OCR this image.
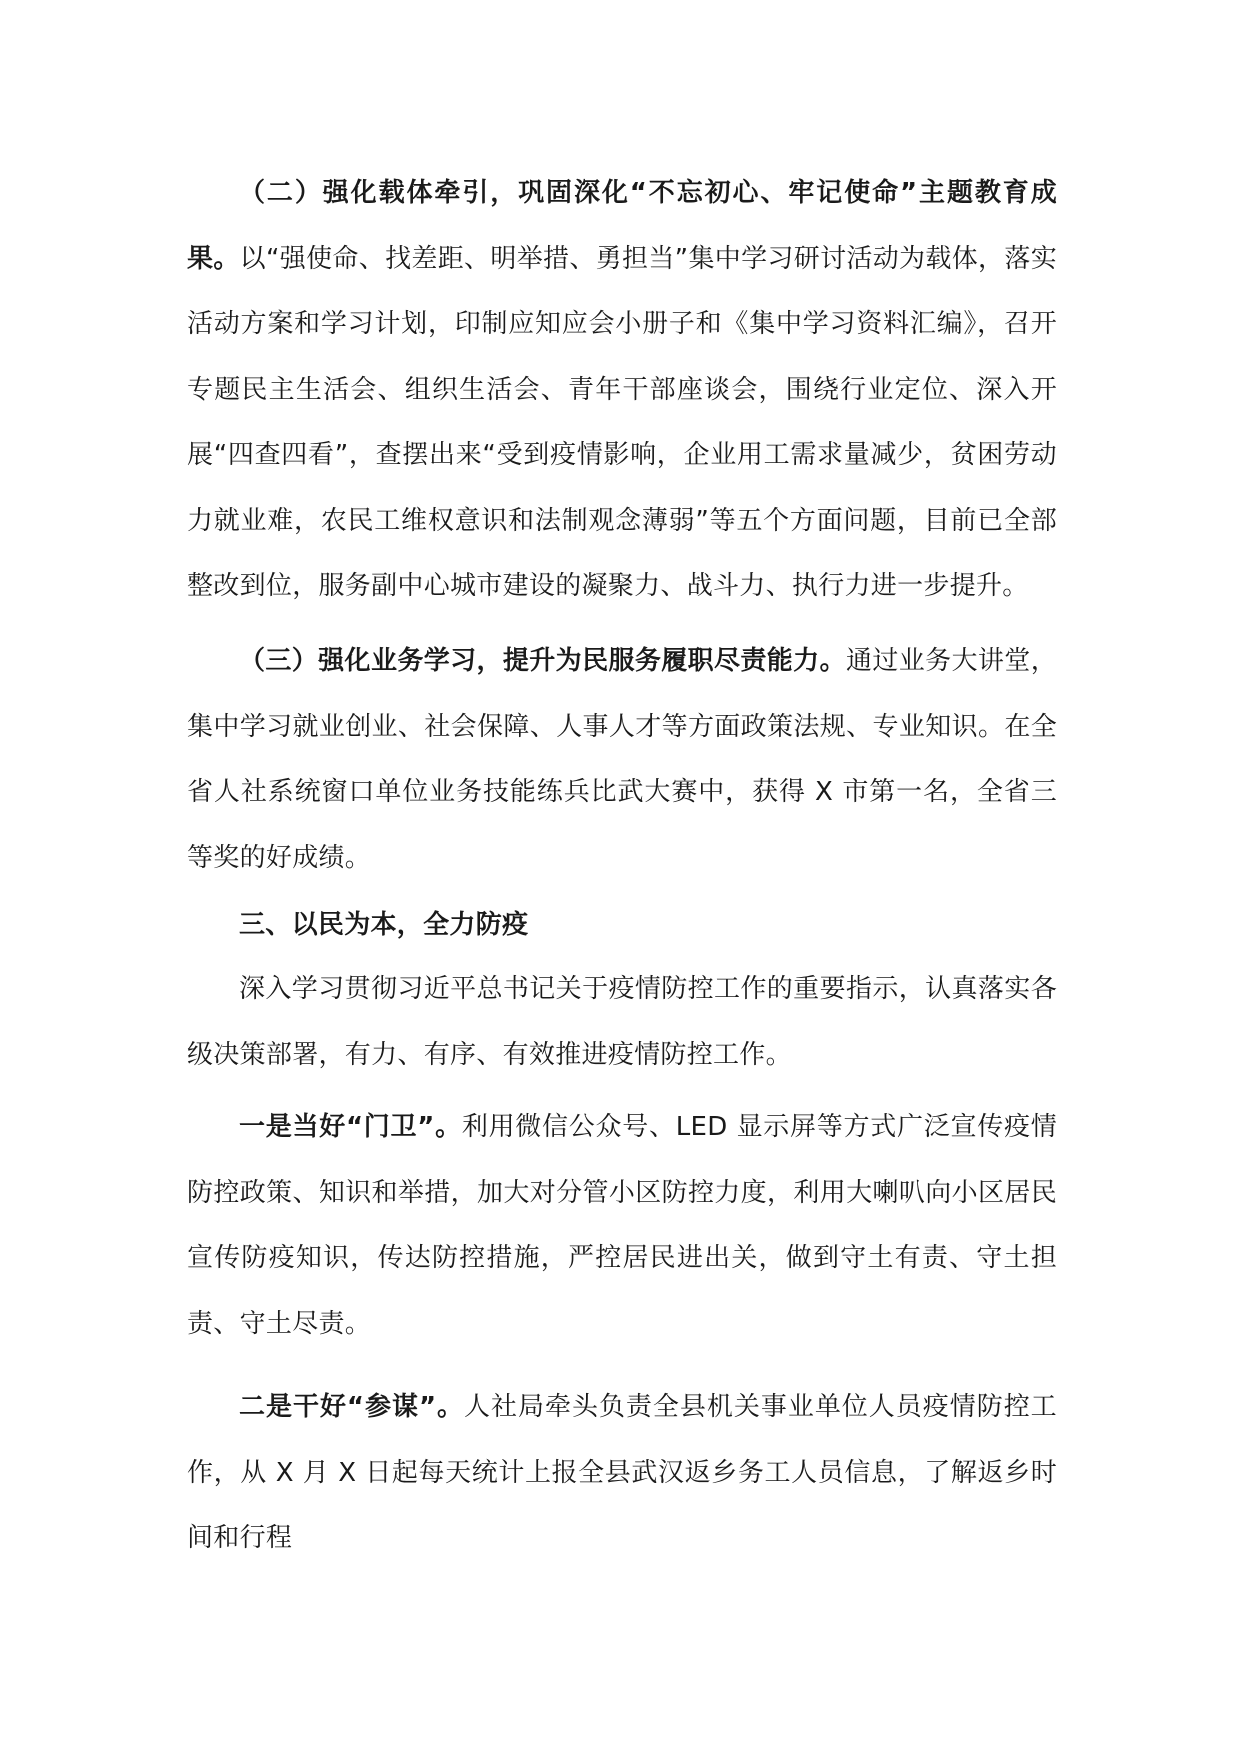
（二）强化载体牵引，巩固深化“不忘初心、牢记使命”主题教育成果。以“强使命、找差距、明举措、勇担当”集中学习研讨活动为载体，落实活动方案和学习计划，印制应知应会小册子和《集中学习资料汇编》，召开专题民主生活会、组织生活会、青年干部座谈会，围绕行业定位、深入开展“四查四看”，查摆出来“受到疫情影响，企业用工需求量减少，贫困劳动力就业难，农民工维权意识和法制观念薄弱”等五个方面问题，目前已全部整改到位，服务副中心城市建设的凝聚力、战斗力、执行力进一步提升。

（三）强化业务学习，提升为民服务履职尽责能力。通过业务大讲堂，集中学习就业创业、社会保障、人事人才等方面政策法规、专业知识。在全省人社系统窗口单位业务技能练兵比武大赛中，获得 X 市第一名，全省三等奖的好成绩。

三、以民为本，全力防疫

深入学习贯彻习近平总书记关于疫情防控工作的重要指示，认真落实各级决策部署，有力、有序、有效推进疫情防控工作。

一是当好“门卫”。利用微信公众号、LED 显示屏等方式广泛宣传疫情防控政策、知识和举措，加大对分管小区防控力度，利用大喇叭向小区居民宣传防疫知识，传达防控措施，严控居民进出关，做到守土有责、守土担责、守土尽责。

二是干好“参谋”。人社局牵头负责全县机关事业单位人员疫情防控工作，从 X 月 X 日起每天统计上报全县武汉返乡务工人员信息，了解返乡时间和行程
